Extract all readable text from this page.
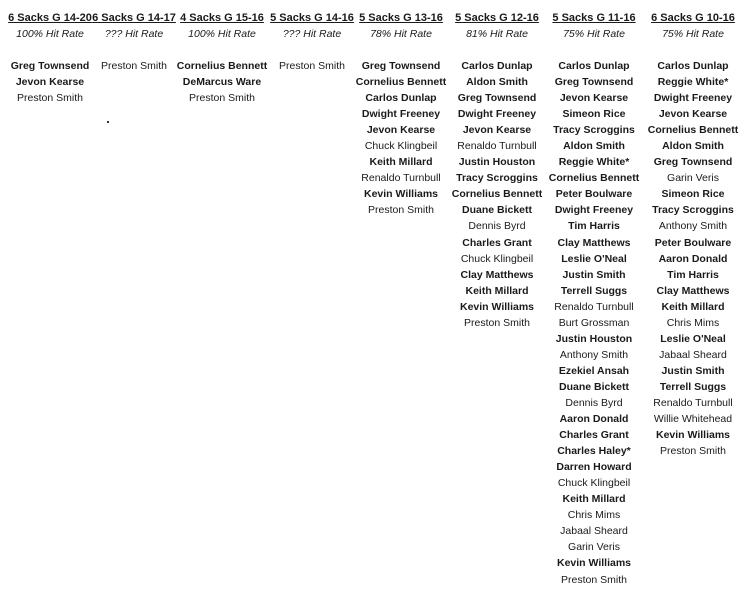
6 Sacks G 14-20
100% Hit Rate
Greg Townsend
Jevon Kearse
Preston Smith
6 Sacks G 14-17
??? Hit Rate
Preston Smith
4 Sacks G 15-16
100% Hit Rate
Cornelius Bennett
DeMarcus Ware
Preston Smith
5 Sacks G 14-16
??? Hit Rate
Preston Smith
5 Sacks G 13-16
78% Hit Rate
Greg Townsend
Cornelius Bennett
Carlos Dunlap
Dwight Freeney
Jevon Kearse
Chuck Klingbeil
Keith Millard
Renaldo Turnbull
Kevin Williams
Preston Smith
5 Sacks G 12-16
81% Hit Rate
Carlos Dunlap
Aldon Smith
Greg Townsend
Dwight Freeney
Jevon Kearse
Renaldo Turnbull
Justin Houston
Tracy Scroggins
Cornelius Bennett
Duane Bickett
Dennis Byrd
Charles Grant
Chuck Klingbeil
Clay Matthews
Keith Millard
Kevin Williams
Preston Smith
5 Sacks G 11-16
75% Hit Rate
Carlos Dunlap
Greg Townsend
Jevon Kearse
Simeon Rice
Tracy Scroggins
Aldon Smith
Reggie White*
Cornelius Bennett
Peter Boulware
Dwight Freeney
Tim Harris
Clay Matthews
Leslie O'Neal
Justin Smith
Terrell Suggs
Renaldo Turnbull
Burt Grossman
Justin Houston
Anthony Smith
Ezekiel Ansah
Duane Bickett
Dennis Byrd
Aaron Donald
Charles Grant
Charles Haley*
Darren Howard
Chuck Klingbeil
Keith Millard
Chris Mims
Jabaal Sheard
Garin Veris
Kevin Williams
Preston Smith
6 Sacks G 10-16
75% Hit Rate
Carlos Dunlap
Reggie White*
Dwight Freeney
Jevon Kearse
Cornelius Bennett
Aldon Smith
Greg Townsend
Garin Veris
Simeon Rice
Tracy Scroggins
Anthony Smith
Peter Boulware
Aaron Donald
Tim Harris
Clay Matthews
Keith Millard
Chris Mims
Leslie O'Neal
Jabaal Sheard
Justin Smith
Terrell Suggs
Renaldo Turnbull
Willie Whitehead
Kevin Williams
Preston Smith
